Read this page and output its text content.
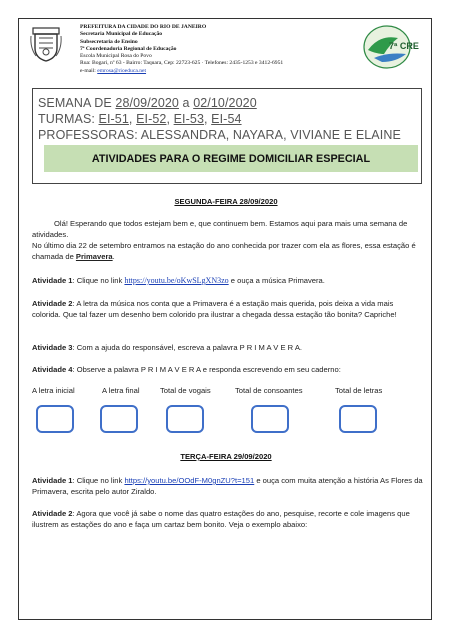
PREFEITURA DA CIDADE DO RIO DE JANEIRO
Secretaria Municipal de Educação
Subsecretaria de Ensino
7ª Coordenadoria Regional de Educação
Escola Municipal Rosa do Povo
Rua: Bogari, nº 63 - Bairro: Taquara, Cep: 22723-625 · Telefones: 2435-1253 e 3412-6951
e-mail: emrosa@rioeduca.net
7ª CRE
SEMANA DE 28/09/2020 a 02/10/2020
TURMAS: EI-51, EI-52, EI-53, EI-54
PROFESSORAS: ALESSANDRA, NAYARA, VIVIANE E ELAINE
ATIVIDADES PARA O REGIME DOMICILIAR ESPECIAL
SEGUNDA-FEIRA 28/09/2020
Olá! Esperando que todos estejam bem e, que continuem bem. Estamos aqui para mais uma semana de atividades.
No último dia 22 de setembro entramos na estação do ano conhecida por trazer com ela as flores, essa estação é chamada de Primavera.
Atividade 1: Clique no link https://youtu.be/oKwSLgXN3zo e ouça a música Primavera.
Atividade 2: A letra da música nos conta que a Primavera é a estação mais querida, pois deixa a vida mais colorida. Que tal fazer um desenho bem colorido pra ilustrar a chegada dessa estação tão bonita? Capriche!
Atividade 3: Com a ajuda do responsável, escreva a palavra P R I M A V E R A.
Atividade 4: Observe a palavra P R I M A V E R A e responda escrevendo em seu caderno:
A letra inicial	A letra final	Total de vogais	Total de consoantes	Total de letras
TERÇA-FEIRA 29/09/2020
Atividade 1: Clique no link https://youtu.be/OOdF-M0gnZU?t=151 e ouça com muita atenção a história As Flores da Primavera, escrita pelo autor Ziraldo.
Atividade 2: Agora que você já sabe o nome das quatro estações do ano, pesquise, recorte e cole imagens que ilustrem as estações do ano e faça um cartaz bem bonito. Veja o exemplo abaixo:
